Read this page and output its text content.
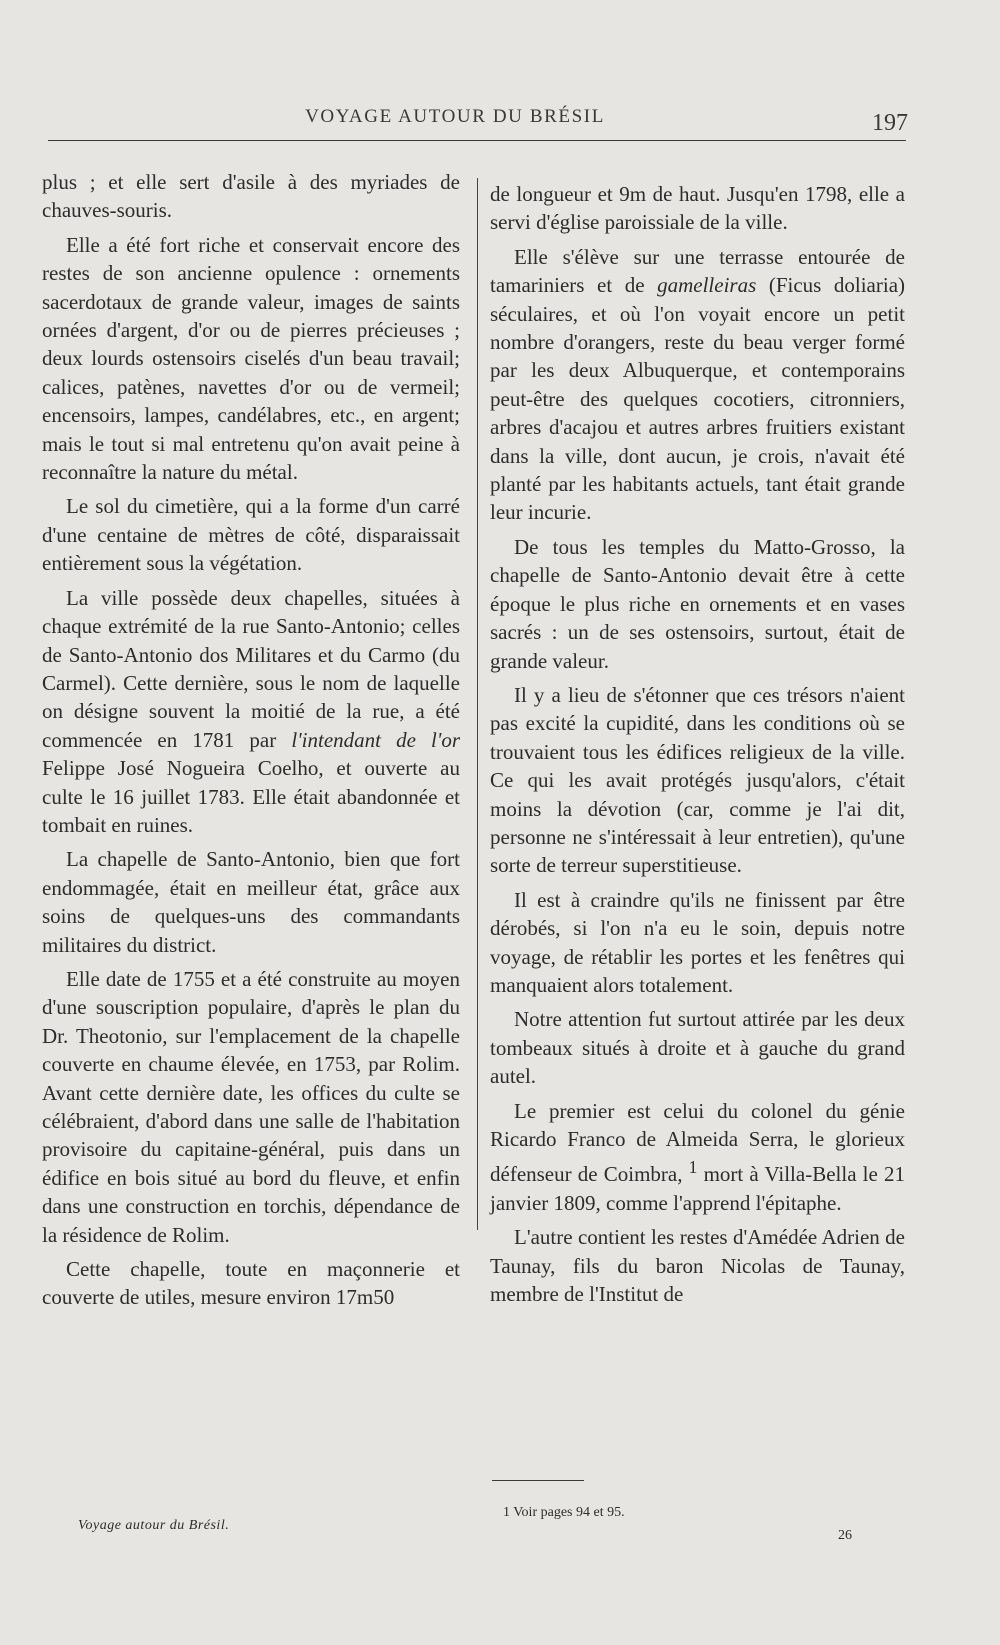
VOYAGE AUTOUR DU BRÉSIL	197

plus ; et elle sert d'asile à des myriades de chauves-souris.

Elle a été fort riche et conservait encore des restes de son ancienne opulence : ornements sacerdotaux de grande valeur, images de saints ornées d'argent, d'or ou de pierres précieuses ; deux lourds ostensoirs ciselés d'un beau travail; calices, patènes, navettes d'or ou de vermeil; encensoirs, lampes, candélabres, etc., en argent; mais le tout si mal entretenu qu'on avait peine à reconnaître la nature du métal.

Le sol du cimetière, qui a la forme d'un carré d'une centaine de mètres de côté, disparaissait entièrement sous la végétation.

La ville possède deux chapelles, situées à chaque extrémité de la rue Santo-Antonio; celles de Santo-Antonio dos Militares et du Carmo (du Carmel). Cette dernière, sous le nom de laquelle on désigne souvent la moitié de la rue, a été commencée en 1781 par l'intendant de l'or Felippe José Nogueira Coelho, et ouverte au culte le 16 juillet 1783. Elle était abandonnée et tombait en ruines.

La chapelle de Santo-Antonio, bien que fort endommagée, était en meilleur état, grâce aux soins de quelques-uns des commandants militaires du district.

Elle date de 1755 et a été construite au moyen d'une souscription populaire, d'après le plan du Dr. Theotonio, sur l'emplacement de la chapelle couverte en chaume élevée, en 1753, par Rolim. Avant cette dernière date, les offices du culte se célébraient, d'abord dans une salle de l'habitation provisoire du capitaine-général, puis dans un édifice en bois situé au bord du fleuve, et enfin dans une construction en torchis, dépendance de la résidence de Rolim.

Cette chapelle, toute en maçonnerie et couverte de utiles, mesure environ 17m50

de longueur et 9m de haut. Jusqu'en 1798, elle a servi d'église paroissiale de la ville.

Elle s'élève sur une terrasse entourée de tamariniers et de gamelleiras (Ficus doliaria) séculaires, et où l'on voyait encore un petit nombre d'orangers, reste du beau verger formé par les deux Albuquerque, et contemporains peut-être des quelques cocotiers, citronniers, arbres d'acajou et autres arbres fruitiers existant dans la ville, dont aucun, je crois, n'avait été planté par les habitants actuels, tant était grande leur incurie.

De tous les temples du Matto-Grosso, la chapelle de Santo-Antonio devait être à cette époque le plus riche en ornements et en vases sacrés : un de ses ostensoirs, surtout, était de grande valeur.

Il y a lieu de s'étonner que ces trésors n'aient pas excité la cupidité, dans les conditions où se trouvaient tous les édifices religieux de la ville. Ce qui les avait protégés jusqu'alors, c'était moins la dévotion (car, comme je l'ai dit, personne ne s'intéressait à leur entretien), qu'une sorte de terreur superstitieuse.

Il est à craindre qu'ils ne finissent par être dérobés, si l'on n'a eu le soin, depuis notre voyage, de rétablir les portes et les fenêtres qui manquaient alors totalement.

Notre attention fut surtout attirée par les deux tombeaux situés à droite et à gauche du grand autel.

Le premier est celui du colonel du génie Ricardo Franco de Almeida Serra, le glorieux défenseur de Coimbra, $^1$ mort à Villa-Bella le 21 janvier 1809, comme l'apprend l'épitaphe.

L'autre contient les restes d'Amédée Adrien de Taunay, fils du baron Nicolas de Taunay, membre de l'Institut de

1 Voir pages 94 et 95.
Voyage autour du Brésil.
26
